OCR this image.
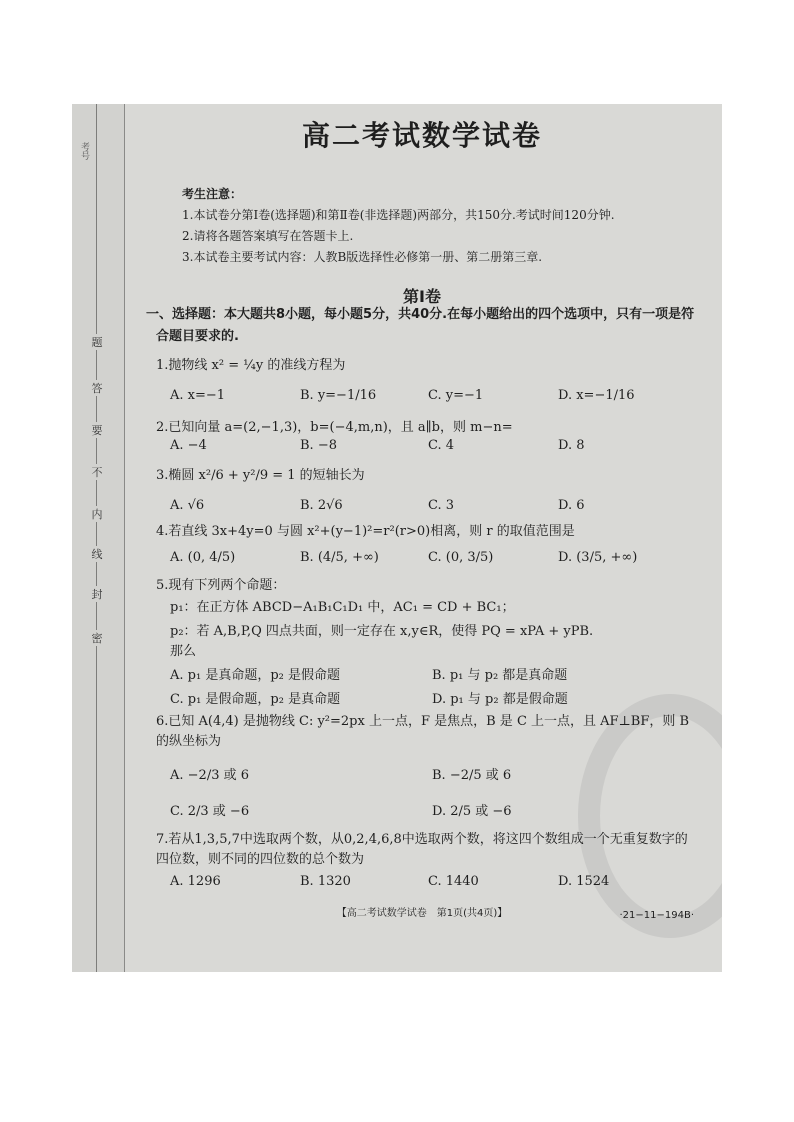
考号
题
答
要
不
内
线
封
密
高二考试数学试卷
考生注意：
1.本试卷分第Ⅰ卷(选择题)和第Ⅱ卷(非选择题)两部分，共150分.考试时间120分钟.
2.请将各题答案填写在答题卡上.
3.本试卷主要考试内容：人教B版选择性必修第一册、第二册第三章.
第Ⅰ卷
一、选择题：本大题共8小题，每小题5分，共40分.在每小题给出的四个选项中，只有一项是符合题目要求的.
1.抛物线 x² = ¼y 的准线方程为
A. x=−1	B. y=−1/16	C. y=−1	D. x=−1/16
2.已知向量 a=(2,−1,3)，b=(−4,m,n)，且 a∥b，则 m−n=
A. −4	B. −8	C. 4	D. 8
3.椭圆 x²/6 + y²/9 = 1 的短轴长为
A. √6	B. 2√6	C. 3	D. 6
4.若直线 3x+4y=0 与圆 x²+(y−1)²=r²(r>0)相离，则 r 的取值范围是
A. (0, 4/5)	B. (4/5, +∞)	C. (0, 3/5)	D. (3/5, +∞)
5.现有下列两个命题：
p₁：在正方体 ABCD−A₁B₁C₁D₁ 中，AC₁ = CD + BC₁；
p₂：若 A,B,P,Q 四点共面，则一定存在 x,y∈R，使得 PQ = xPA + yPB.
那么
A. p₁ 是真命题，p₂ 是假命题	B. p₁ 与 p₂ 都是真命题
C. p₁ 是假命题，p₂ 是真命题	D. p₁ 与 p₂ 都是假命题
6.已知 A(4,4) 是抛物线 C: y²=2px 上一点，F 是焦点，B 是 C 上一点，且 AF⊥BF，则 B 的纵坐标为
A. −2/3 或 6	B. −2/5 或 6
C. 2/3 或 −6	D. 2/5 或 −6
7.若从1,3,5,7中选取两个数，从0,2,4,6,8中选取两个数，将这四个数组成一个无重复数字的四位数，则不同的四位数的总个数为
A. 1296	B. 1320	C. 1440	D. 1524
【高二考试数学试卷　第1页(共4页)】	·21−11−194B·
